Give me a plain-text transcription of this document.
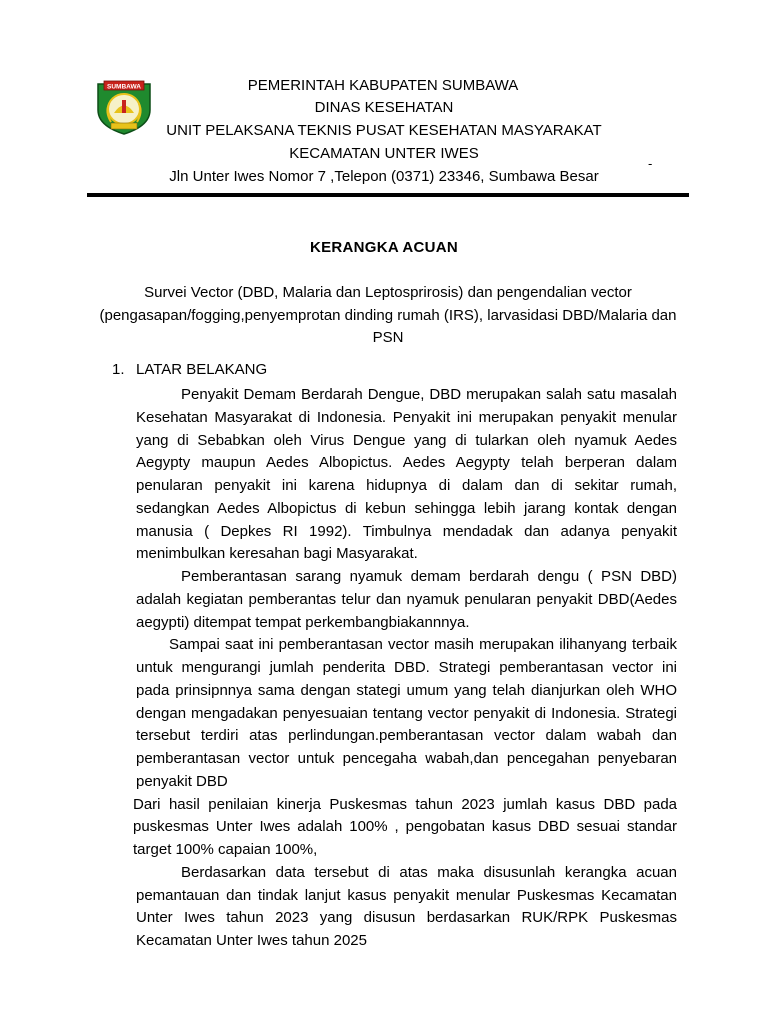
SUMBAWA	PEMERINTAH KABUPATEN SUMBAWA
DINAS KESEHATAN
UNIT PELAKSANA TEKNIS PUSAT KESEHATAN MASYARAKAT
KECAMATAN UNTER IWES
Jln Unter Iwes Nomor 7 ,Telepon (0371) 23346, Sumbawa Besar
-
KERANGKA ACUAN
Survei Vector (DBD, Malaria dan Leptosprirosis) dan pengendalian vector
(pengasapan/fogging,penyemprotan dinding rumah (IRS), larvasidasi DBD/Malaria dan
PSN
1. LATAR BELAKANG

Penyakit Demam Berdarah Dengue, DBD merupakan salah satu masalah Kesehatan Masyarakat di Indonesia. Penyakit ini merupakan penyakit menular yang di Sebabkan oleh Virus Dengue yang di tularkan oleh nyamuk Aedes Aegypty maupun Aedes Albopictus. Aedes Aegypty telah berperan dalam penularan penyakit ini karena hidupnya di dalam dan di sekitar rumah, sedangkan Aedes Albopictus di kebun sehingga lebih jarang kontak dengan manusia ( Depkes RI 1992). Timbulnya mendadak dan adanya penyakit menimbulkan keresahan bagi Masyarakat.

Pemberantasan sarang nyamuk demam berdarah dengu ( PSN DBD) adalah kegiatan pemberantas telur dan nyamuk penularan penyakit DBD(Aedes aegypti) ditempat tempat perkembangbiakannnya.

Sampai saat ini pemberantasan vector masih merupakan ilihanyang terbaik untuk mengurangi jumlah penderita DBD. Strategi pemberantasan vector ini pada prinsipnnya sama dengan stategi umum yang telah dianjurkan oleh WHO dengan mengadakan penyesuaian tentang vector penyakit di Indonesia. Strategi tersebut terdiri atas perlindungan.pemberantasan vector dalam wabah dan pemberantasan vector untuk pencegaha wabah,dan pencegahan penyebaran penyakit DBD

Dari hasil penilaian kinerja Puskesmas tahun 2023 jumlah kasus DBD pada puskesmas Unter Iwes adalah 100% , pengobatan kasus DBD sesuai standar target 100% capaian 100%,

Berdasarkan data tersebut di atas maka disusunlah kerangka acuan pemantauan dan tindak lanjut kasus penyakit menular Puskesmas Kecamatan Unter Iwes tahun 2023 yang disusun berdasarkan RUK/RPK Puskesmas Kecamatan Unter Iwes tahun 2025
